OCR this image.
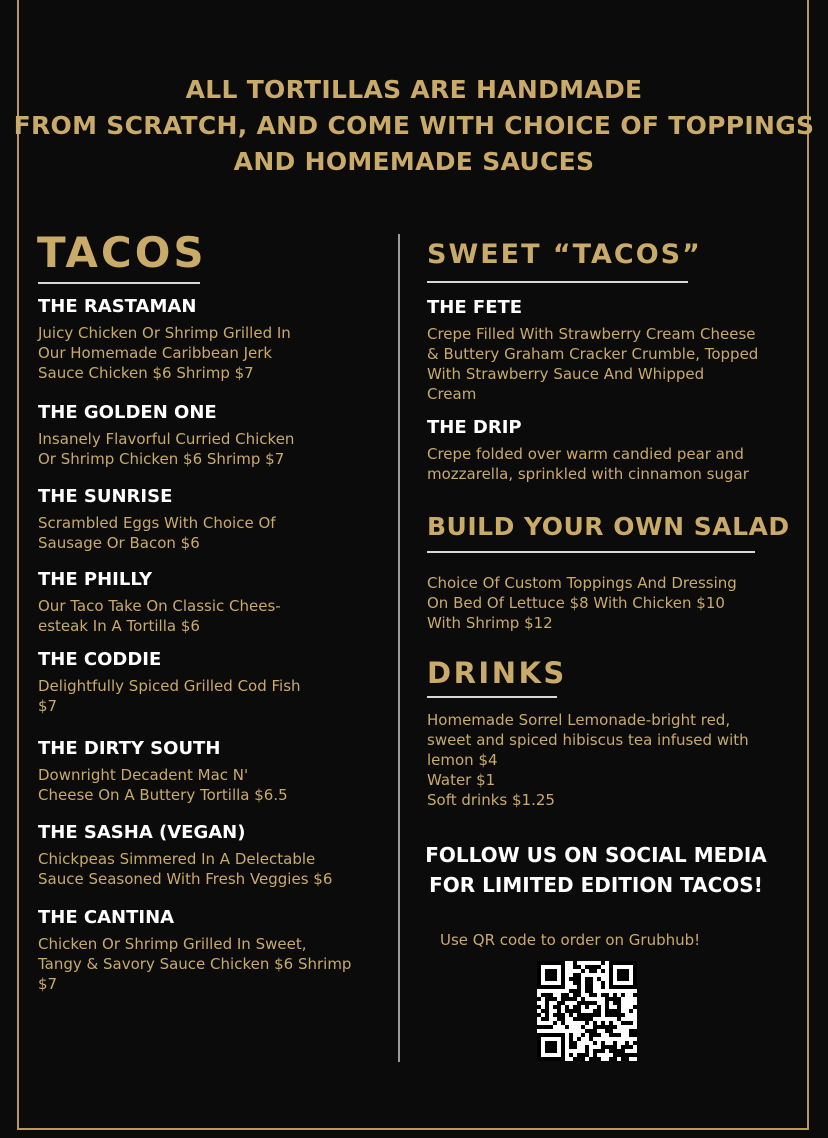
ALL TORTILLAS ARE HANDMADE
FROM SCRATCH, AND COME WITH CHOICE OF TOPPINGS
AND HOMEMADE SAUCES
TACOS
THE RASTAMAN
Juicy Chicken Or Shrimp Grilled In
Our Homemade Caribbean Jerk
Sauce Chicken $6 Shrimp $7
THE GOLDEN ONE
Insanely Flavorful Curried Chicken
Or Shrimp Chicken $6 Shrimp $7
THE SUNRISE
Scrambled Eggs With Choice Of
Sausage Or Bacon $6
THE PHILLY
Our Taco Take On Classic Chees-
esteak In A Tortilla $6
THE CODDIE
Delightfully Spiced Grilled Cod Fish
$7
THE DIRTY SOUTH
Downright Decadent Mac N'
Cheese On A Buttery Tortilla $6.5
THE SASHA (VEGAN)
Chickpeas Simmered In A Delectable
Sauce Seasoned With Fresh Veggies $6
THE CANTINA
Chicken Or Shrimp Grilled In Sweet,
Tangy & Savory Sauce Chicken $6 Shrimp
$7
SWEET “TACOS”
THE FETE
Crepe Filled With Strawberry Cream Cheese
& Buttery Graham Cracker Crumble, Topped
With Strawberry Sauce And Whipped
Cream
THE DRIP
Crepe folded over warm candied pear and
mozzarella, sprinkled with cinnamon sugar
BUILD YOUR OWN SALAD
Choice Of Custom Toppings And Dressing
On Bed Of Lettuce $8 With Chicken $10
With Shrimp $12
DRINKS
Homemade Sorrel Lemonade-bright red,
sweet and spiced hibiscus tea infused with
lemon $4
Water $1
Soft drinks $1.25
FOLLOW US ON SOCIAL MEDIA
FOR LIMITED EDITION TACOS!
Use QR code to order on Grubhub!
